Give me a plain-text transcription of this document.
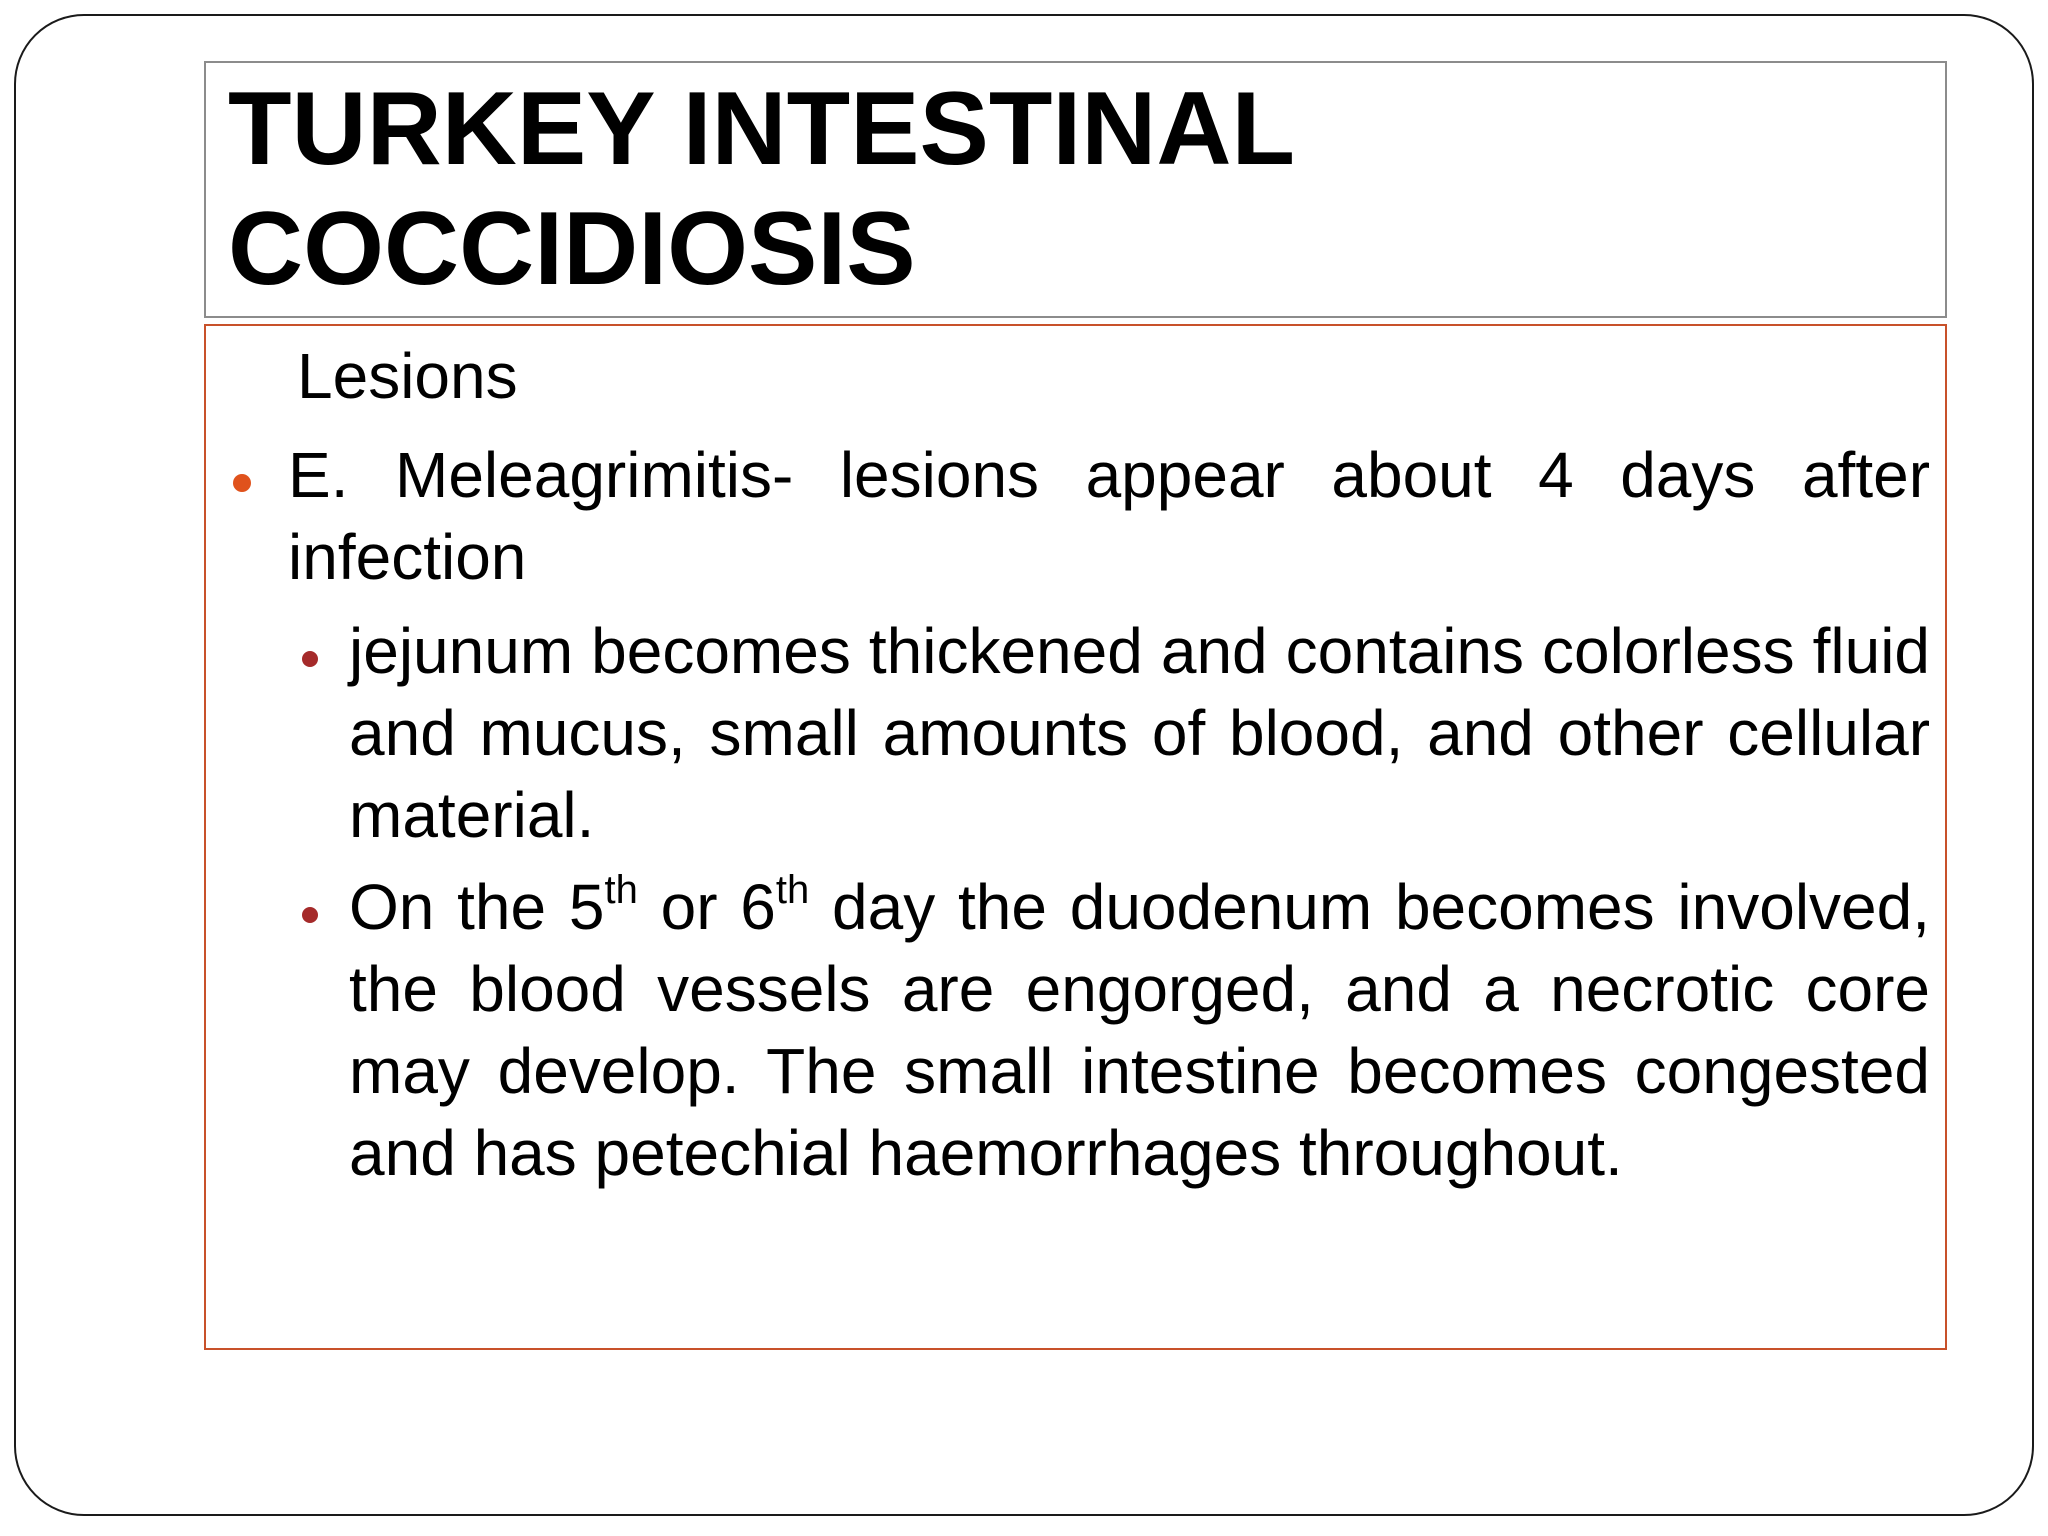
TURKEY INTESTINAL COCCIDIOSIS

Lesions

E. Meleagrimitis- lesions appear about 4 days after infection

jejunum becomes thickened and contains colorless fluid and mucus, small amounts of blood, and other cellular material.

On the 5th or 6th day the duodenum becomes involved, the blood vessels are engorged, and a necrotic core may develop. The small intestine becomes congested and has petechial haemorrhages throughout.
